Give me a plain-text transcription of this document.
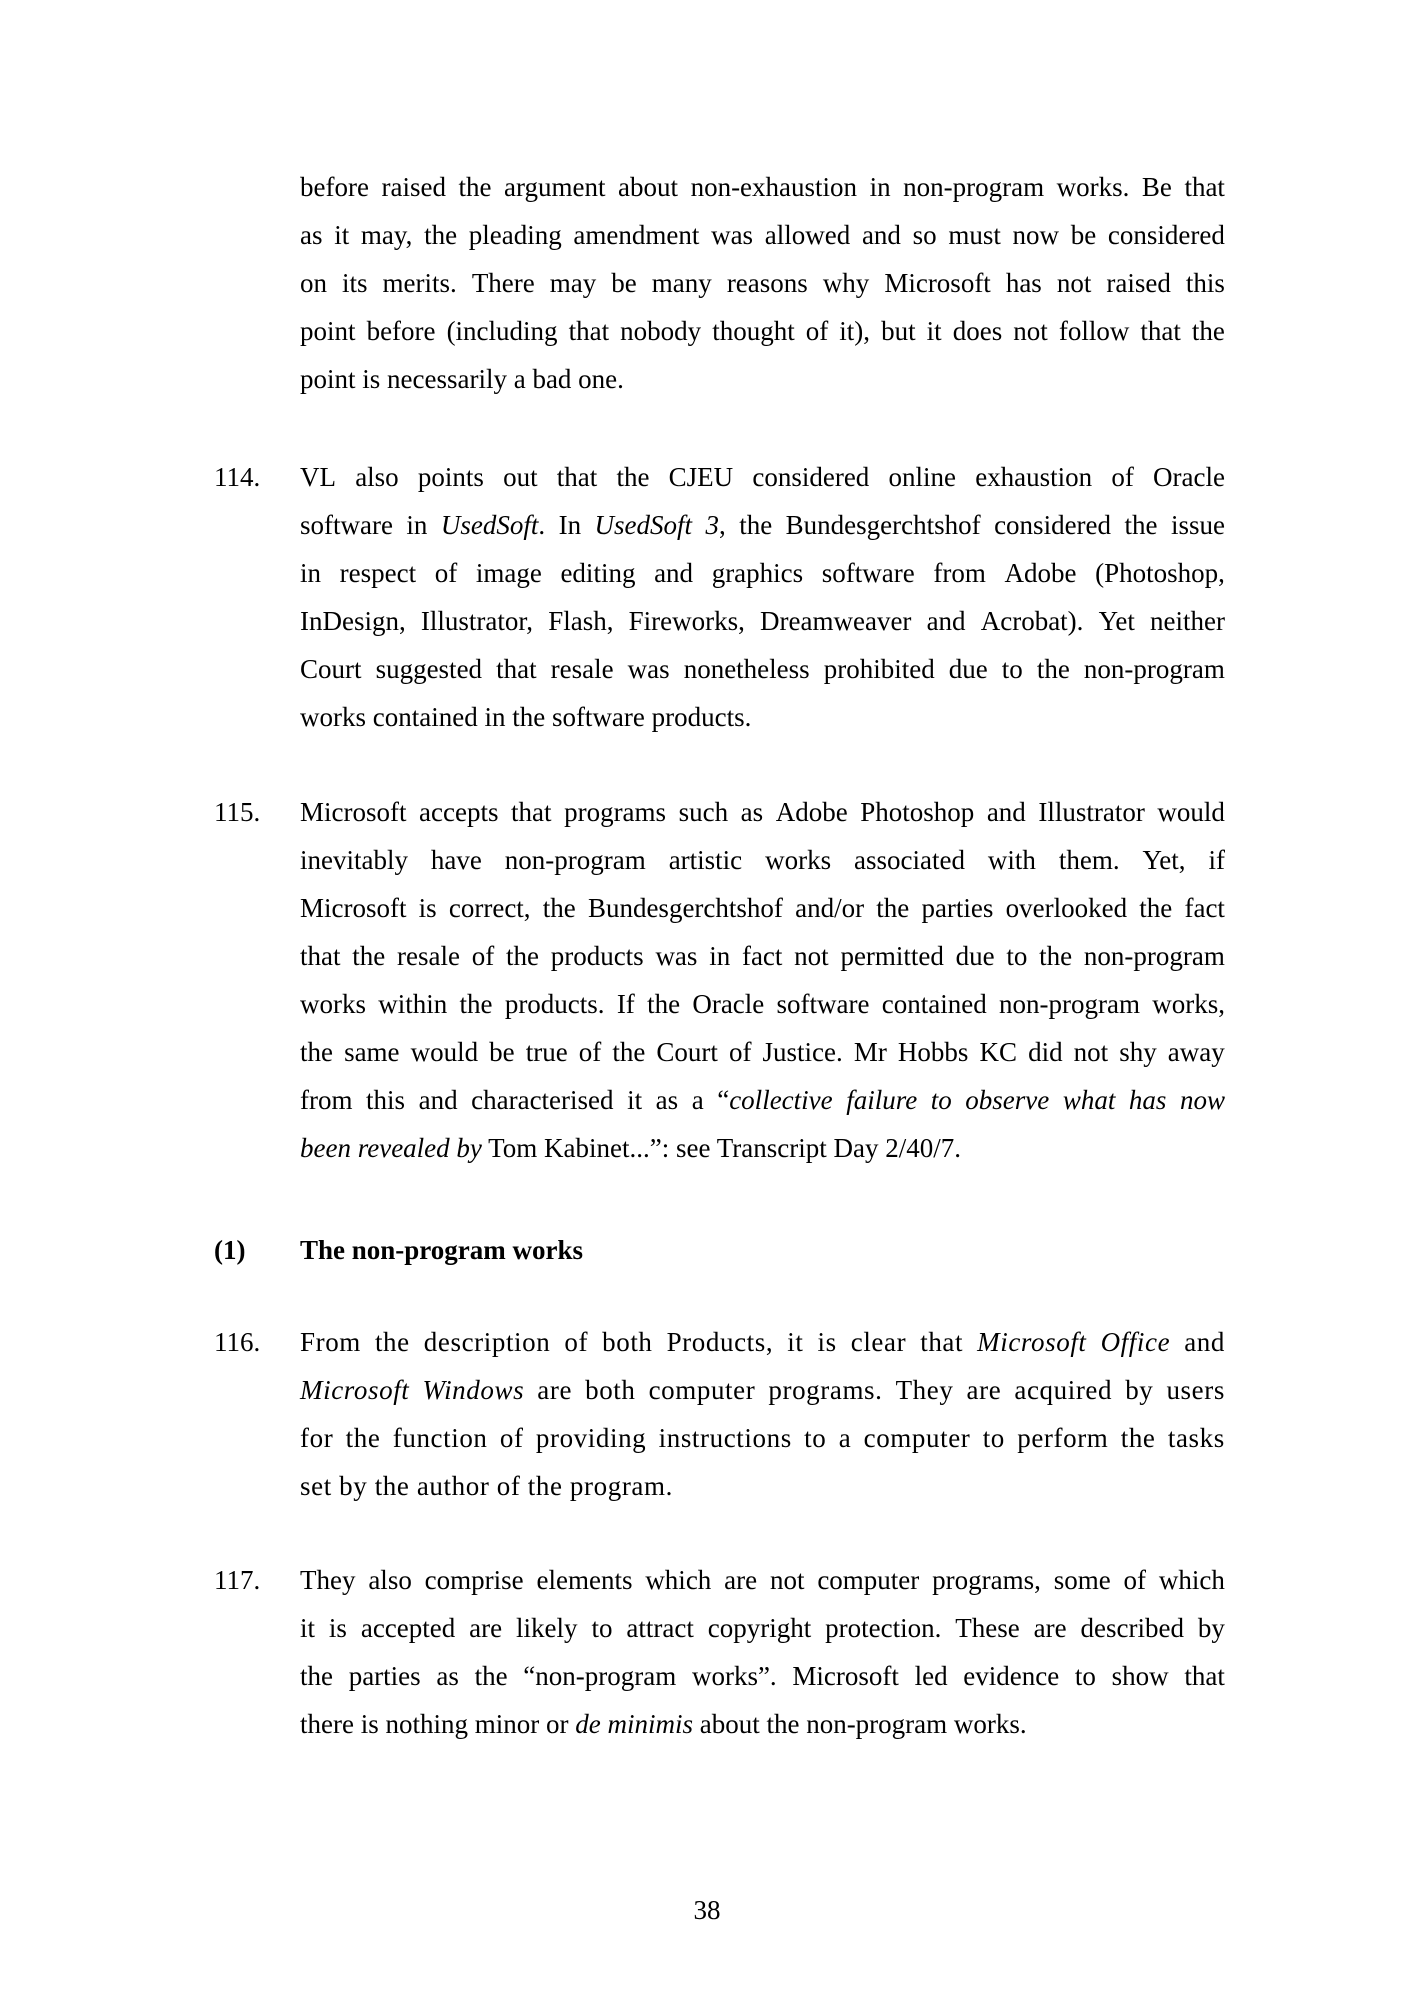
before raised the argument about non-exhaustion in non-program works. Be that
as it may, the pleading amendment was allowed and so must now be considered
on its merits. There may be many reasons why Microsoft has not raised this
point before (including that nobody thought of it), but it does not follow that the
point is necessarily a bad one.
114. VL also points out that the CJEU considered online exhaustion of Oracle
software in UsedSoft. In UsedSoft 3, the Bundesgerchtshof considered the issue
in respect of image editing and graphics software from Adobe (Photoshop,
InDesign, Illustrator, Flash, Fireworks, Dreamweaver and Acrobat). Yet neither
Court suggested that resale was nonetheless prohibited due to the non-program
works contained in the software products.
115. Microsoft accepts that programs such as Adobe Photoshop and Illustrator would
inevitably have non-program artistic works associated with them. Yet, if
Microsoft is correct, the Bundesgerchtshof and/or the parties overlooked the fact
that the resale of the products was in fact not permitted due to the non-program
works within the products. If the Oracle software contained non-program works,
the same would be true of the Court of Justice. Mr Hobbs KC did not shy away
from this and characterised it as a “collective failure to observe what has now
been revealed by Tom Kabinet...”: see Transcript Day 2/40/7.
(1) The non-program works
116. From the description of both Products, it is clear that Microsoft Office and
Microsoft Windows are both computer programs. They are acquired by users
for the function of providing instructions to a computer to perform the tasks
set by the author of the program.
117. They also comprise elements which are not computer programs, some of which
it is accepted are likely to attract copyright protection. These are described by
the parties as the “non-program works”. Microsoft led evidence to show that
there is nothing minor or de minimis about the non-program works.
38
